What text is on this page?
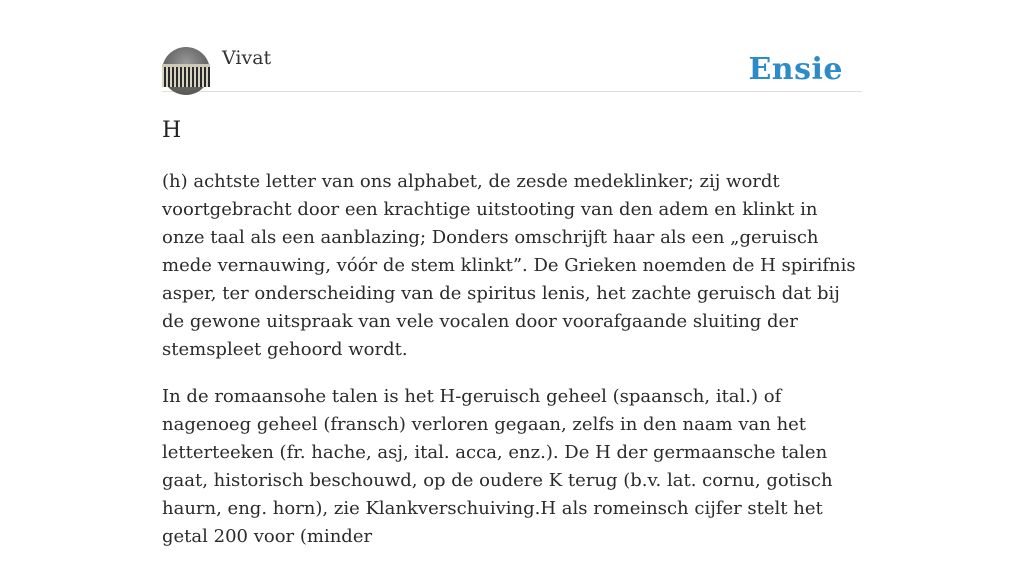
Vivat	Ensie
H

(h) achtste letter van ons alphabet, de zesde medeklinker; zij wordt voortgebracht door een krachtige uitstooting van den adem en klinkt in onze taal als een aanblazing; Donders omschrijft haar als een „geruisch mede vernauwing, vóór de stem klinkt”. De Grieken noemden de H spirifnis asper, ter onderscheiding van de spiritus lenis, het zachte geruisch dat bij de gewone uitspraak van vele vocalen door voorafgaande sluiting der stemspleet gehoord wordt.

In de romaansohe talen is het H-geruisch geheel (spaansch, ital.) of nagenoeg geheel (fransch) verloren gegaan, zelfs in den naam van het letterteeken (fr. hache, asj, ital. acca, enz.). De H der germaansche talen gaat, historisch beschouwd, op de oudere K terug (b.v. lat. cornu, gotisch haurn, eng. horn), zie Klankverschuiving.H als romeinsch cijfer stelt het getal 200 voor (minder
